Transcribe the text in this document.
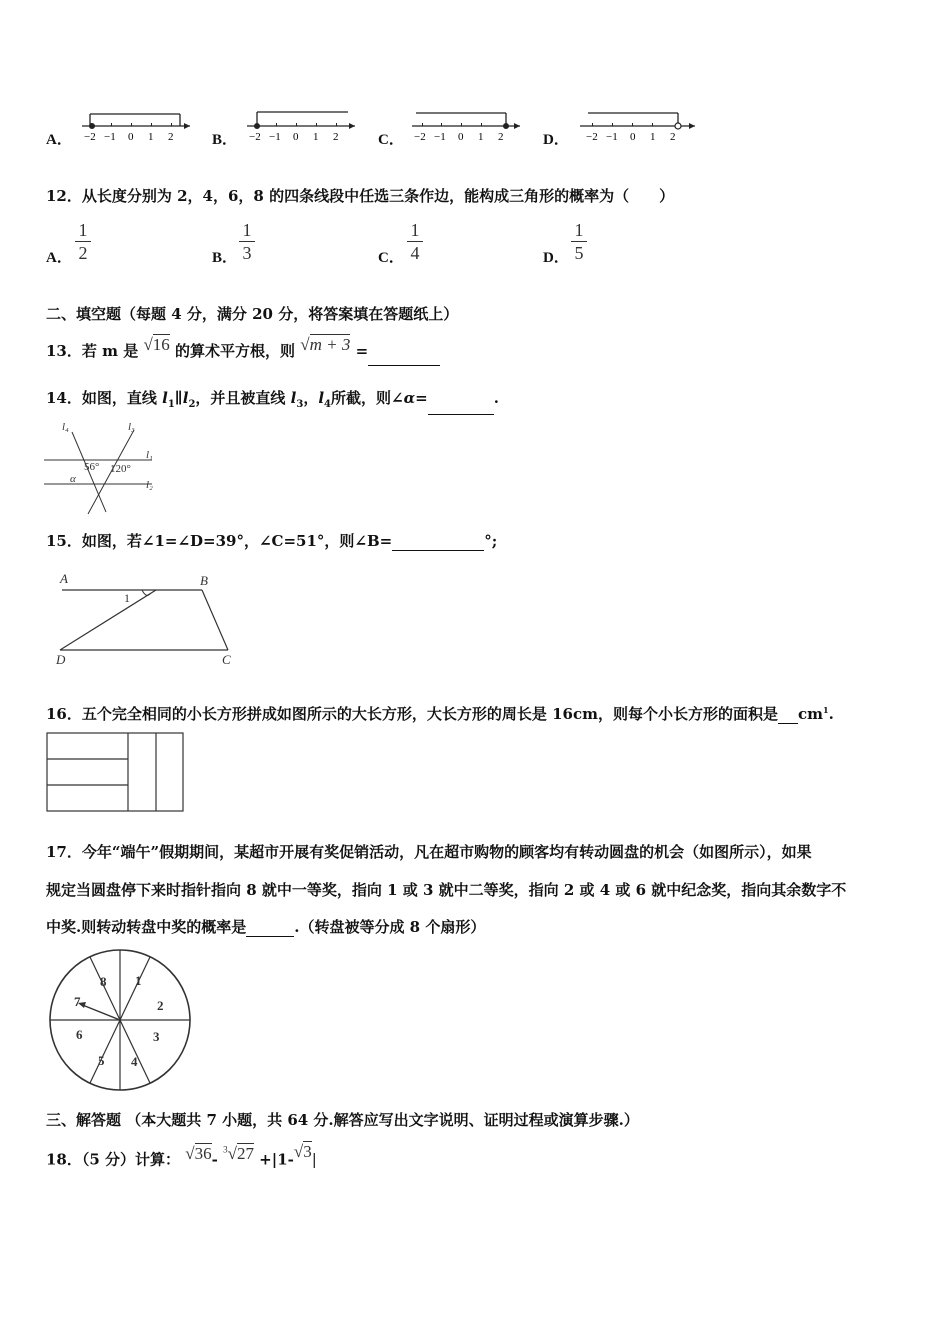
A． −2 −1 0 1 2	B． −2 −1 0 1 2	C． −2 −1 0 1 2	D． −2 −1 0 1 2
12．从长度分别为 2，4，6，8 的四条线段中任选三条作边，能构成三角形的概率为（　　）
A．
1
2	B．
1
3	C．
1
4	D．
1
5
二、填空题（每题 4 分，满分 20 分，将答案填在答题纸上）
13．若 m 是 √16 的算术平方根，则 √m + 3 =
14．如图，直线 $l_1\parallel l_2$，并且被直线 $l_3$，$l_4$所截，则∠α=	.
l₄	l₃
l₁
l₂
56° 120°
α
15．如图，若∠1=∠D=39°，∠C=51°，则∠B=	°;
A	B
C
D
1
16．五个完全相同的小长方形拼成如图所示的大长方形，大长方形的周长是 16cm，则每个小长方形的面积是 $cm^1$.
17．今年“端午”假期期间，某超市开展有奖促销活动，凡在超市购物的顾客均有转动圆盘的机会（如图所示），如果
规定当圆盘停下来时指针指向 8 就中一等奖，指向 1 或 3 就中二等奖，指向 2 或 4 或 6 就中纪念奖，指向其余数字不
中奖.则转动转盘中奖的概率是	.（转盘被等分成 8 个扇形）
1
2
3
4
5
6
7
8
三、解答题 （本大题共 7 小题，共 64 分.解答应写出文字说明、证明过程或演算步骤.）
18．（5 分）计算： √36- $^3$√27 +|1-√3|
